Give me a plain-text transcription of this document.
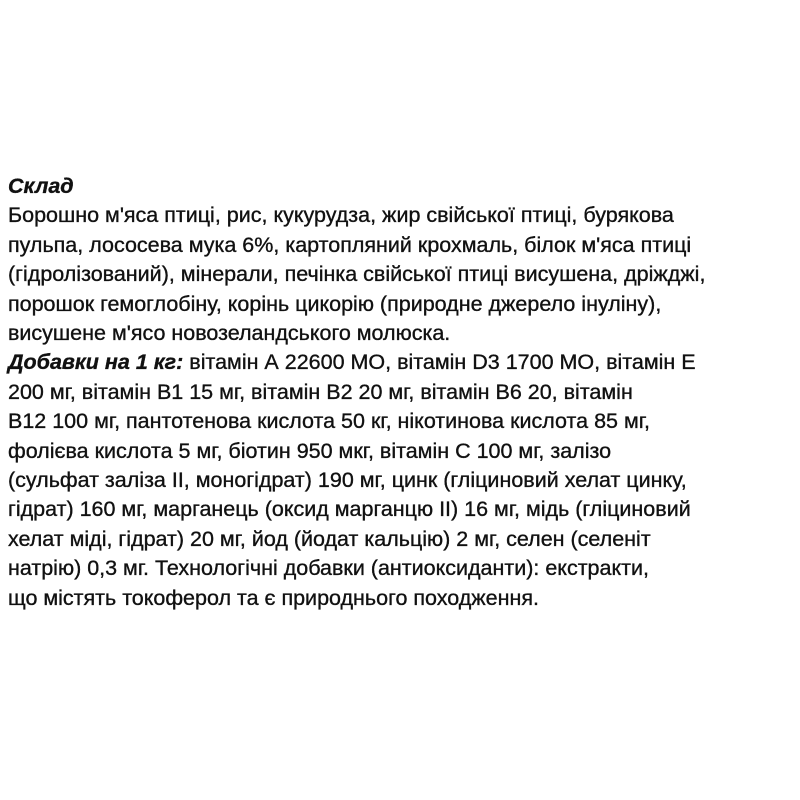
Склад

Борошно м'яса птиці, рис, кукурудза, жир свійської птиці, бурякова
пульпа, лососева мука 6%, картопляний крохмаль, білок м'яса птиці
(гідролізований), мінерали, печінка свійської птиці висушена, дріжджі,
порошок гемоглобіну, корінь цикорію (природне джерело інуліну),
висушене м'ясо новозеландського молюска.

Добавки на 1 кг: вітамін А 22600 МО, вітамін D3 1700 МО, вітамін Е
200 мг, вітамін В1 15 мг, вітамін В2 20 мг, вітамін В6 20, вітамін
В12 100 мг, пантотенова кислота 50 кг, нікотинова кислота 85 мг,
фолієва кислота 5 мг, біотин 950 мкг, вітамін С 100 мг, залізо
(сульфат заліза ІІ, моногідрат) 190 мг, цинк (гліциновий хелат цинку,
гідрат) 160 мг, марганець (оксид марганцю ІІ) 16 мг, мідь (гліциновий
хелат міді, гідрат) 20 мг, йод (йодат кальцію) 2 мг, селен (селеніт
натрію) 0,3 мг. Технологічні добавки (антиоксиданти): екстракти,
що містять токоферол та є природнього походження.
